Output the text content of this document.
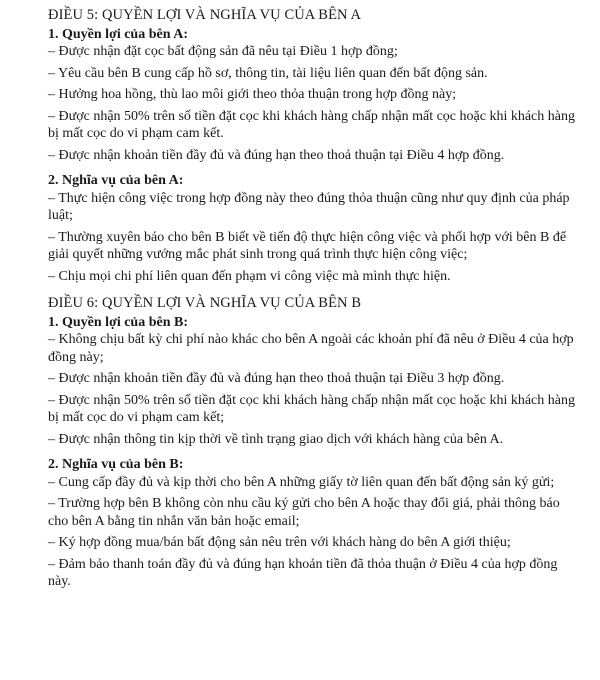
ĐIỀU 5: QUYỀN LỢI VÀ NGHĨA VỤ CỦA BÊN A

1. Quyền lợi của bên A:

– Được nhận đặt cọc bất động sản đã nêu tại Điều 1 hợp đồng;

– Yêu cầu bên B cung cấp hồ sơ, thông tin, tài liệu liên quan đến bất động sản.

– Hưởng hoa hồng, thù lao môi giới theo thỏa thuận trong hợp đồng này;

– Được nhận 50% trên số tiền đặt cọc khi khách hàng chấp nhận mất cọc hoặc khi khách hàng bị mất cọc do vi phạm cam kết.

– Được nhận khoản tiền đầy đủ và đúng hạn theo thoả thuận tại Điều 4 hợp đồng.

2. Nghĩa vụ của bên A:

– Thực hiện công việc trong hợp đồng này theo đúng thỏa thuận cũng như quy định của pháp luật;

– Thường xuyên báo cho bên B biết về tiến độ thực hiện công việc và phối hợp với bên B để giải quyết những vướng mắc phát sinh trong quá trình thực hiện công việc;

– Chịu mọi chi phí liên quan đến phạm vi công việc mà mình thực hiện.

ĐIỀU 6: QUYỀN LỢI VÀ NGHĨA VỤ CỦA BÊN B

1. Quyền lợi của bên B:

– Không chịu bất kỳ chi phí nào khác cho bên A ngoài các khoản phí đã nêu ở Điều 4 của hợp đồng này;

– Được nhận khoản tiền đầy đủ và đúng hạn theo thoả thuận tại Điều 3 hợp đồng.

– Được nhận 50% trên số tiền đặt cọc khi khách hàng chấp nhận mất cọc hoặc khi khách hàng bị mất cọc do vi phạm cam kết;

– Được nhận thông tin kịp thời về tình trạng giao dịch với khách hàng của bên A.

2. Nghĩa vụ của bên B:

– Cung cấp đầy đủ và kịp thời cho bên A những giấy tờ liên quan đến bất động sản ký gửi;

– Trường hợp bên B không còn nhu cầu ký gửi cho bên A hoặc thay đổi giá, phải thông báo cho bên A bằng tin nhắn văn bản hoặc email;

– Ký hợp đồng mua/bán bất động sản nêu trên với khách hàng do bên A giới thiệu;

– Đảm bảo thanh toán đầy đủ và đúng hạn khoản tiền đã thỏa thuận ở Điều 4 của hợp đồng này.
